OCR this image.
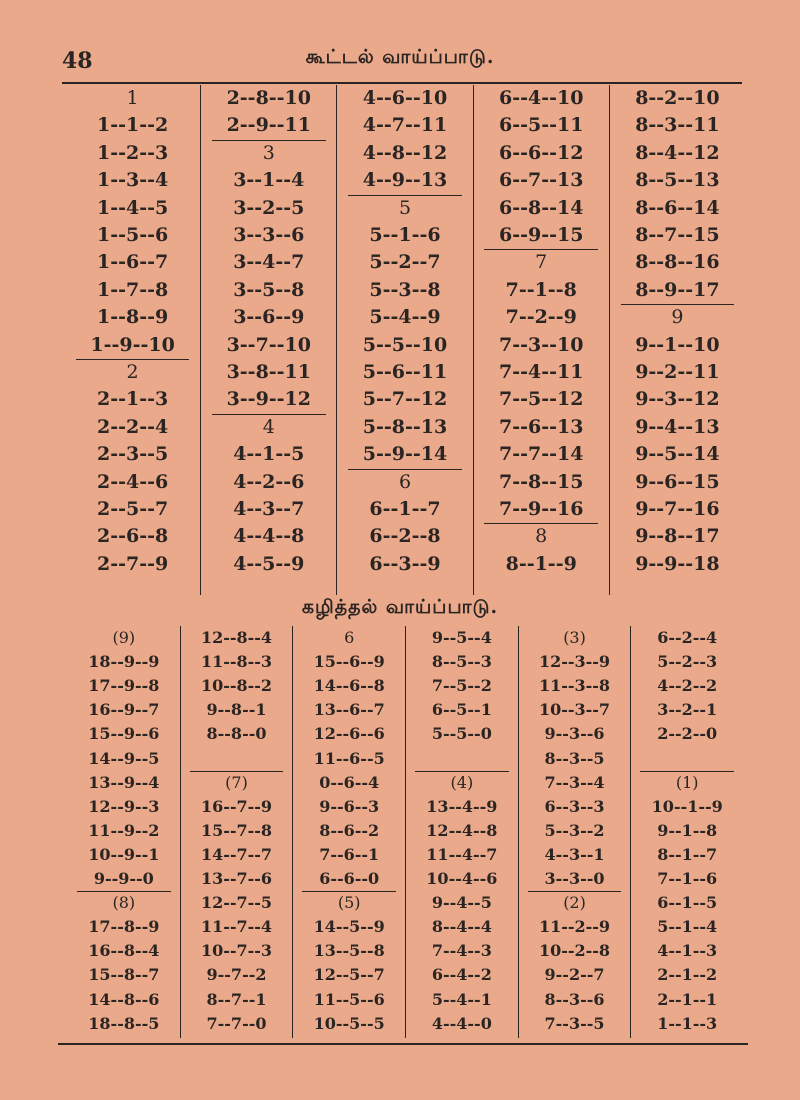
48	கூட்டல் வாய்ப்பாடு.
1
1--1--2
1--2--3
1--3--4
1--4--5
1--5--6
1--6--7
1--7--8
1--8--9
1--9--10
2
2--1--3
2--2--4
2--3--5
2--4--6
2--5--7
2--6--8
2--7--9
2--8--10
2--9--11
3
3--1--4
3--2--5
3--3--6
3--4--7
3--5--8
3--6--9
3--7--10
3--8--11
3--9--12
4
4--1--5
4--2--6
4--3--7
4--4--8
4--5--9
4--6--10
4--7--11
4--8--12
4--9--13
5
5--1--6
5--2--7
5--3--8
5--4--9
5--5--10
5--6--11
5--7--12
5--8--13
5--9--14
6
6--1--7
6--2--8
6--3--9
6--4--10
6--5--11
6--6--12
6--7--13
6--8--14
6--9--15
7
7--1--8
7--2--9
7--3--10
7--4--11
7--5--12
7--6--13
7--7--14
7--8--15
7--9--16
8
8--1--9
8--2--10
8--3--11
8--4--12
8--5--13
8--6--14
8--7--15
8--8--16
8--9--17
9
9--1--10
9--2--11
9--3--12
9--4--13
9--5--14
9--6--15
9--7--16
9--8--17
9--9--18
கழித்தல் வாய்ப்பாடு.
(9)
18--9--9
17--9--8
16--9--7
15--9--6
14--9--5
13--9--4
12--9--3
11--9--2
10--9--1
9--9--0
(8)
17--8--9
16--8--4
15--8--7
14--8--6
18--8--5
12--8--4
11--8--3
10--8--2
9--8--1
8--8--0
(7)
16--7--9
15--7--8
14--7--7
13--7--6
12--7--5
11--7--4
10--7--3
9--7--2
8--7--1
7--7--0
6
15--6--9
14--6--8
13--6--7
12--6--6
11--6--5
0--6--4
9--6--3
8--6--2
7--6--1
6--6--0
(5)
14--5--9
13--5--8
12--5--7
11--5--6
10--5--5
9--5--4
8--5--3
7--5--2
6--5--1
5--5--0
(4)
13--4--9
12--4--8
11--4--7
10--4--6
9--4--5
8--4--4
7--4--3
6--4--2
5--4--1
4--4--0
(3)
12--3--9
11--3--8
10--3--7
9--3--6
8--3--5
7--3--4
6--3--3
5--3--2
4--3--1
3--3--0
(2)
11--2--9
10--2--8
9--2--7
8--3--6
7--3--5
6--2--4
5--2--3
4--2--2
3--2--1
2--2--0
(1)
10--1--9
9--1--8
8--1--7
7--1--6
6--1--5
5--1--4
4--1--3
2--1--2
2--1--1
1--1--3
